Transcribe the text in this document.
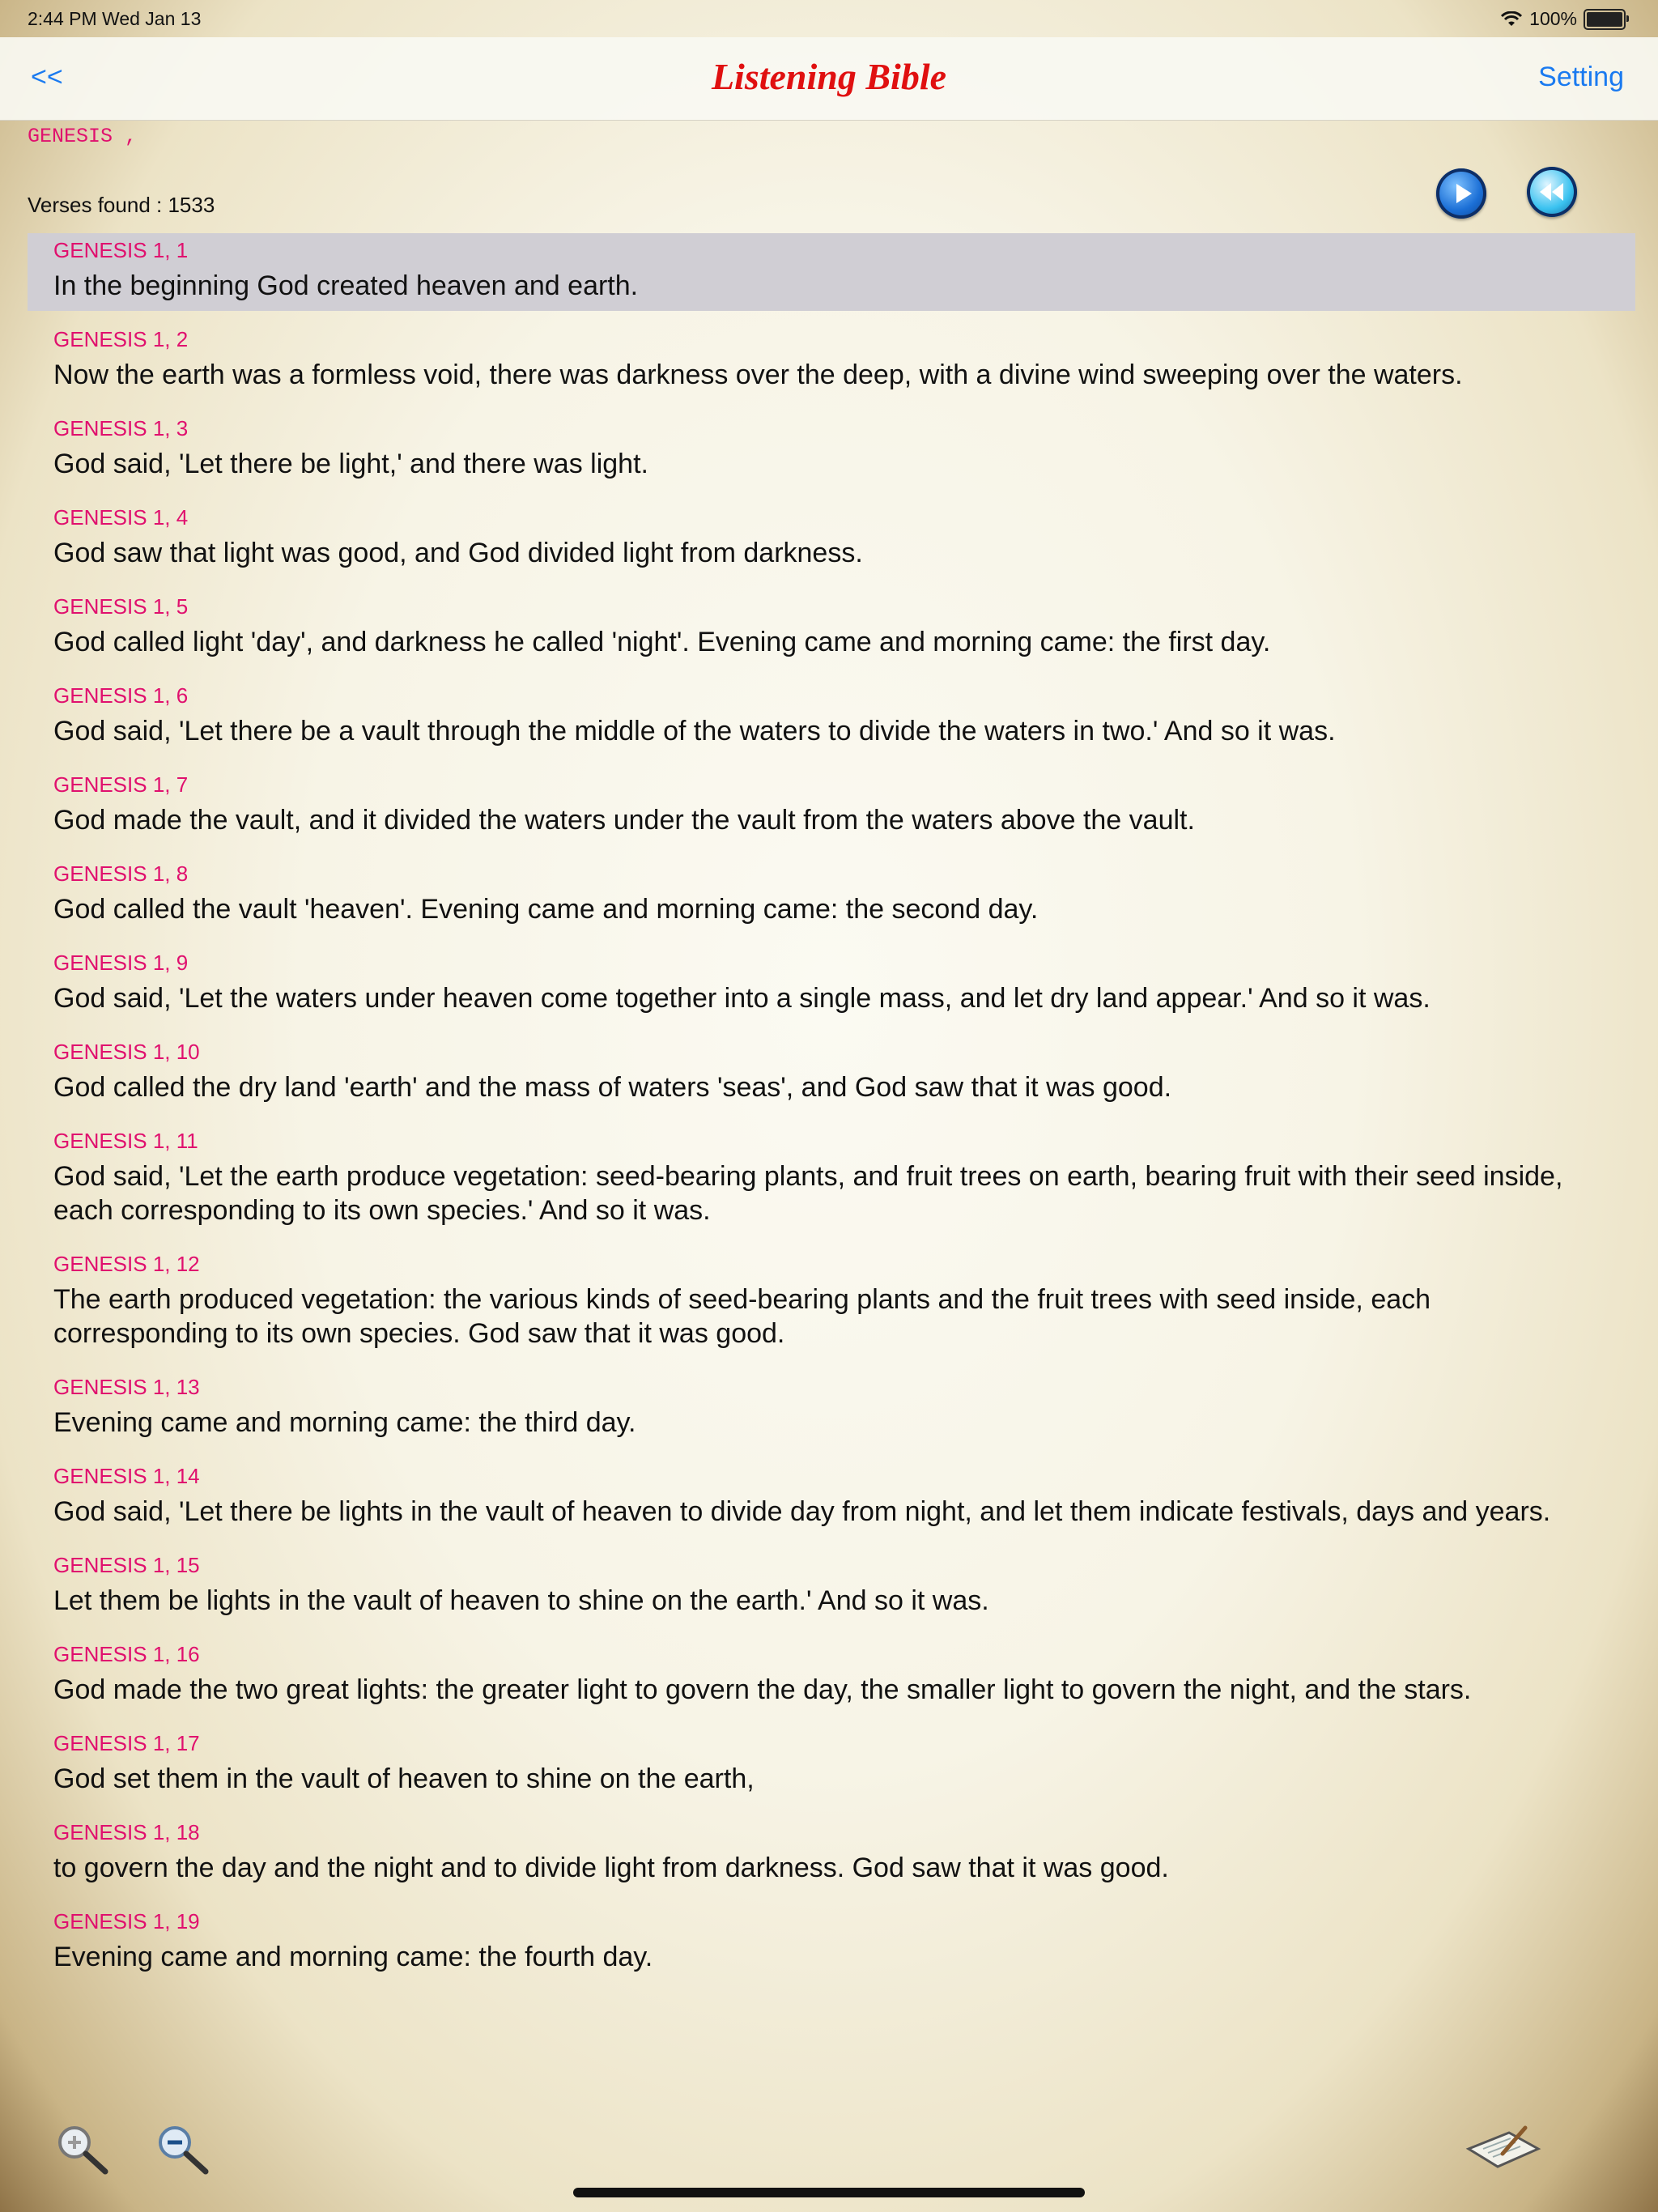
2:44 PM Wed Jan 13	100%
<<	Listening Bible	Setting
GENESIS ,
Verses found : 1533
GENESIS 1, 1
In the beginning God created heaven and earth.
GENESIS 1, 2
Now the earth was a formless void, there was darkness over the deep, with a divine wind sweeping over the waters.
GENESIS 1, 3
God said, 'Let there be light,' and there was light.
GENESIS 1, 4
God saw that light was good, and God divided light from darkness.
GENESIS 1, 5
God called light 'day', and darkness he called 'night'. Evening came and morning came: the first day.
GENESIS 1, 6
God said, 'Let there be a vault through the middle of the waters to divide the waters in two.' And so it was.
GENESIS 1, 7
God made the vault, and it divided the waters under the vault from the waters above the vault.
GENESIS 1, 8
God called the vault 'heaven'. Evening came and morning came: the second day.
GENESIS 1, 9
God said, 'Let the waters under heaven come together into a single mass, and let dry land appear.' And so it was.
GENESIS 1, 10
God called the dry land 'earth' and the mass of waters 'seas', and God saw that it was good.
GENESIS 1, 11
God said, 'Let the earth produce vegetation: seed-bearing plants, and fruit trees on earth, bearing fruit with their seed inside, each corresponding to its own species.' And so it was.
GENESIS 1, 12
The earth produced vegetation: the various kinds of seed-bearing plants and the fruit trees with seed inside, each corresponding to its own species. God saw that it was good.
GENESIS 1, 13
Evening came and morning came: the third day.
GENESIS 1, 14
God said, 'Let there be lights in the vault of heaven to divide day from night, and let them indicate festivals, days and years.
GENESIS 1, 15
Let them be lights in the vault of heaven to shine on the earth.' And so it was.
GENESIS 1, 16
God made the two great lights: the greater light to govern the day, the smaller light to govern the night, and the stars.
GENESIS 1, 17
God set them in the vault of heaven to shine on the earth,
GENESIS 1, 18
to govern the day and the night and to divide light from darkness. God saw that it was good.
GENESIS 1, 19
Evening came and morning came: the fourth day.
